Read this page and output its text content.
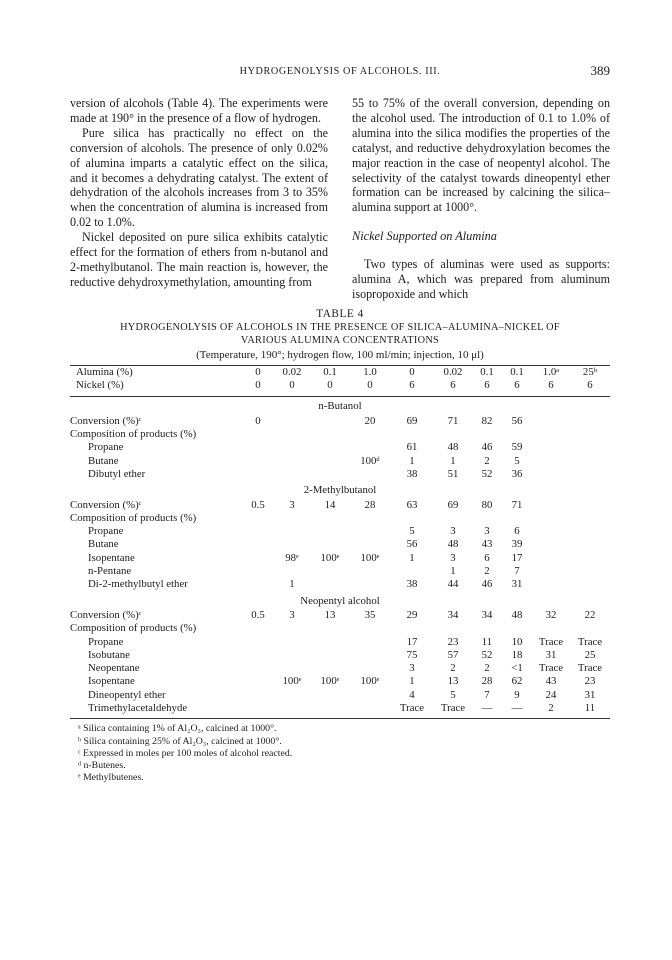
HYDROGENOLYSIS OF ALCOHOLS. III.	389

version of alcohols (Table 4). The experiments were made at 190° in the presence of a flow of hydrogen.

Pure silica has practically no effect on the conversion of alcohols. The presence of only 0.02% of alumina imparts a catalytic effect on the silica, and it becomes a dehydrating catalyst. The extent of dehydration of the alcohols increases from 3 to 35% when the concentration of alumina is increased from 0.02 to 1.0%.

Nickel deposited on pure silica exhibits catalytic effect for the formation of ethers from n-butanol and 2-methylbutanol. The main reaction is, however, the reductive dehydroxymethylation, amounting from

55 to 75% of the overall conversion, depending on the alcohol used. The introduction of 0.1 to 1.0% of alumina into the silica modifies the properties of the catalyst, and reductive dehydroxylation becomes the major reaction in the case of neopentyl alcohol. The selectivity of the catalyst towards dineopentyl ether formation can be increased by calcining the silica–alumina support at 1000°.

Nickel Supported on Alumina

Two types of aluminas were used as supports: alumina A, which was prepared from aluminum isopropoxide and which

TABLE 4
HYDROGENOLYSIS OF ALCOHOLS IN THE PRESENCE OF SILICA–ALUMINA–NICKEL OF VARIOUS ALUMINA CONCENTRATIONS
(Temperature, 190°; hydrogen flow, 100 ml/min; injection, 10 μl)
Alumina (%)	0	0.02	0.1	1.0	0	0.02	0.1	0.1	1.0ᵃ	25ᵇ
Nickel (%)	0	0	0	0	6	6	6	6	6	6

n-Butanol										
Conversion (%)ᶜ	0			20	69	71	82	56		
Composition of products (%)										
Propane					61	48	46	59		
Butane				100ᵈ	1	1	2	5		
Dibutyl ether					38	51	52	36		
2-Methylbutanol										
Conversion (%)ᶜ	0.5	3	14	28	63	69	80	71		
Composition of products (%)										
Propane					5	3	3	6		
Butane					56	48	43	39		
Isopentane		98ᵉ	100ᵉ	100ᵉ	1	3	6	17		
n-Pentane						1	2	7		
Di-2-methylbutyl ether		1			38	44	46	31		
Neopentyl alcohol										
Conversion (%)ᶜ	0.5	3	13	35	29	34	34	48	32	22
Composition of products (%)										
Propane					17	23	11	10	Trace	Trace
Isobutane					75	57	52	18	31	25
Neopentane					3	2	2	<1	Trace	Trace
Isopentane		100ᵉ	100ᵉ	100ᵉ	1	13	28	62	43	23
Dineopentyl ether					4	5	7	9	24	31
Trimethylacetaldehyde					Trace	Trace	—	—	2	11
ᵃ Silica containing 1% of Al₂O₃, calcined at 1000°.
ᵇ Silica containing 25% of Al₂O₃, calcined at 1000°.
ᶜ Expressed in moles per 100 moles of alcohol reacted.
ᵈ n-Butenes.
ᵉ Methylbutenes.
